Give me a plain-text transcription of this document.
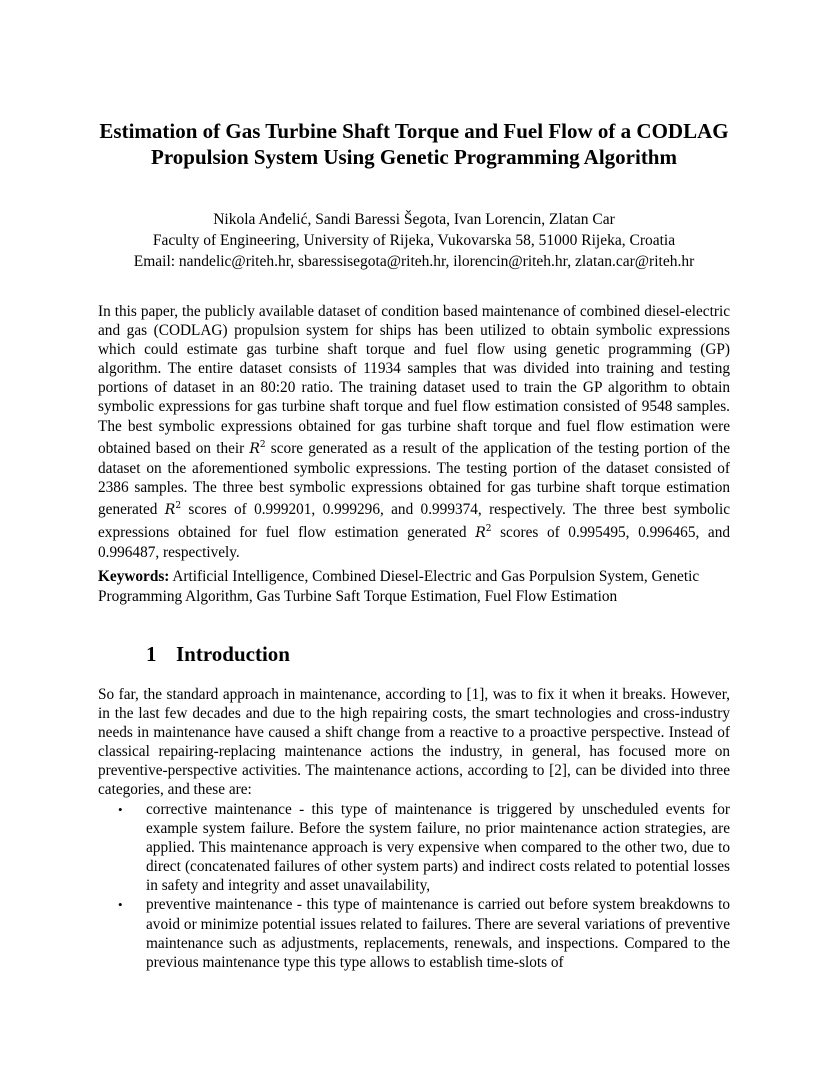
Estimation of Gas Turbine Shaft Torque and Fuel Flow of a CODLAG Propulsion System Using Genetic Programming Algorithm
Nikola Anđelić, Sandi Baressi Šegota, Ivan Lorencin, Zlatan Car
Faculty of Engineering, University of Rijeka, Vukovarska 58, 51000 Rijeka, Croatia
Email: nandelic@riteh.hr, sbaressisegota@riteh.hr, ilorencin@riteh.hr, zlatan.car@riteh.hr
In this paper, the publicly available dataset of condition based maintenance of combined diesel-electric and gas (CODLAG) propulsion system for ships has been utilized to obtain symbolic expressions which could estimate gas turbine shaft torque and fuel flow using genetic programming (GP) algorithm. The entire dataset consists of 11934 samples that was divided into training and testing portions of dataset in an 80:20 ratio. The training dataset used to train the GP algorithm to obtain symbolic expressions for gas turbine shaft torque and fuel flow estimation consisted of 9548 samples. The best symbolic expressions obtained for gas turbine shaft torque and fuel flow estimation were obtained based on their $R^2$ score generated as a result of the application of the testing portion of the dataset on the aforementioned symbolic expressions. The testing portion of the dataset consisted of 2386 samples. The three best symbolic expressions obtained for gas turbine shaft torque estimation generated $R^2$ scores of 0.999201, 0.999296, and 0.999374, respectively. The three best symbolic expressions obtained for fuel flow estimation generated $R^2$ scores of 0.995495, 0.996465, and 0.996487, respectively.
Keywords: Artificial Intelligence, Combined Diesel-Electric and Gas Porpulsion System, Genetic Programming Algorithm, Gas Turbine Saft Torque Estimation, Fuel Flow Estimation
1 Introduction
So far, the standard approach in maintenance, according to [1], was to fix it when it breaks. However, in the last few decades and due to the high repairing costs, the smart technologies and cross-industry needs in maintenance have caused a shift change from a reactive to a proactive perspective. Instead of classical repairing-replacing maintenance actions the industry, in general, has focused more on preventive-perspective activities. The maintenance actions, according to [2], can be divided into three categories, and these are:
• corrective maintenance - this type of maintenance is triggered by unscheduled events for example system failure. Before the system failure, no prior maintenance action strategies, are applied. This maintenance approach is very expensive when compared to the other two, due to direct (concatenated failures of other system parts) and indirect costs related to potential losses in safety and integrity and asset unavailability,
• preventive maintenance - this type of maintenance is carried out before system breakdowns to avoid or minimize potential issues related to failures. There are several variations of preventive maintenance such as adjustments, replacements, renewals, and inspections. Compared to the previous maintenance type this type allows to establish time-slots of
